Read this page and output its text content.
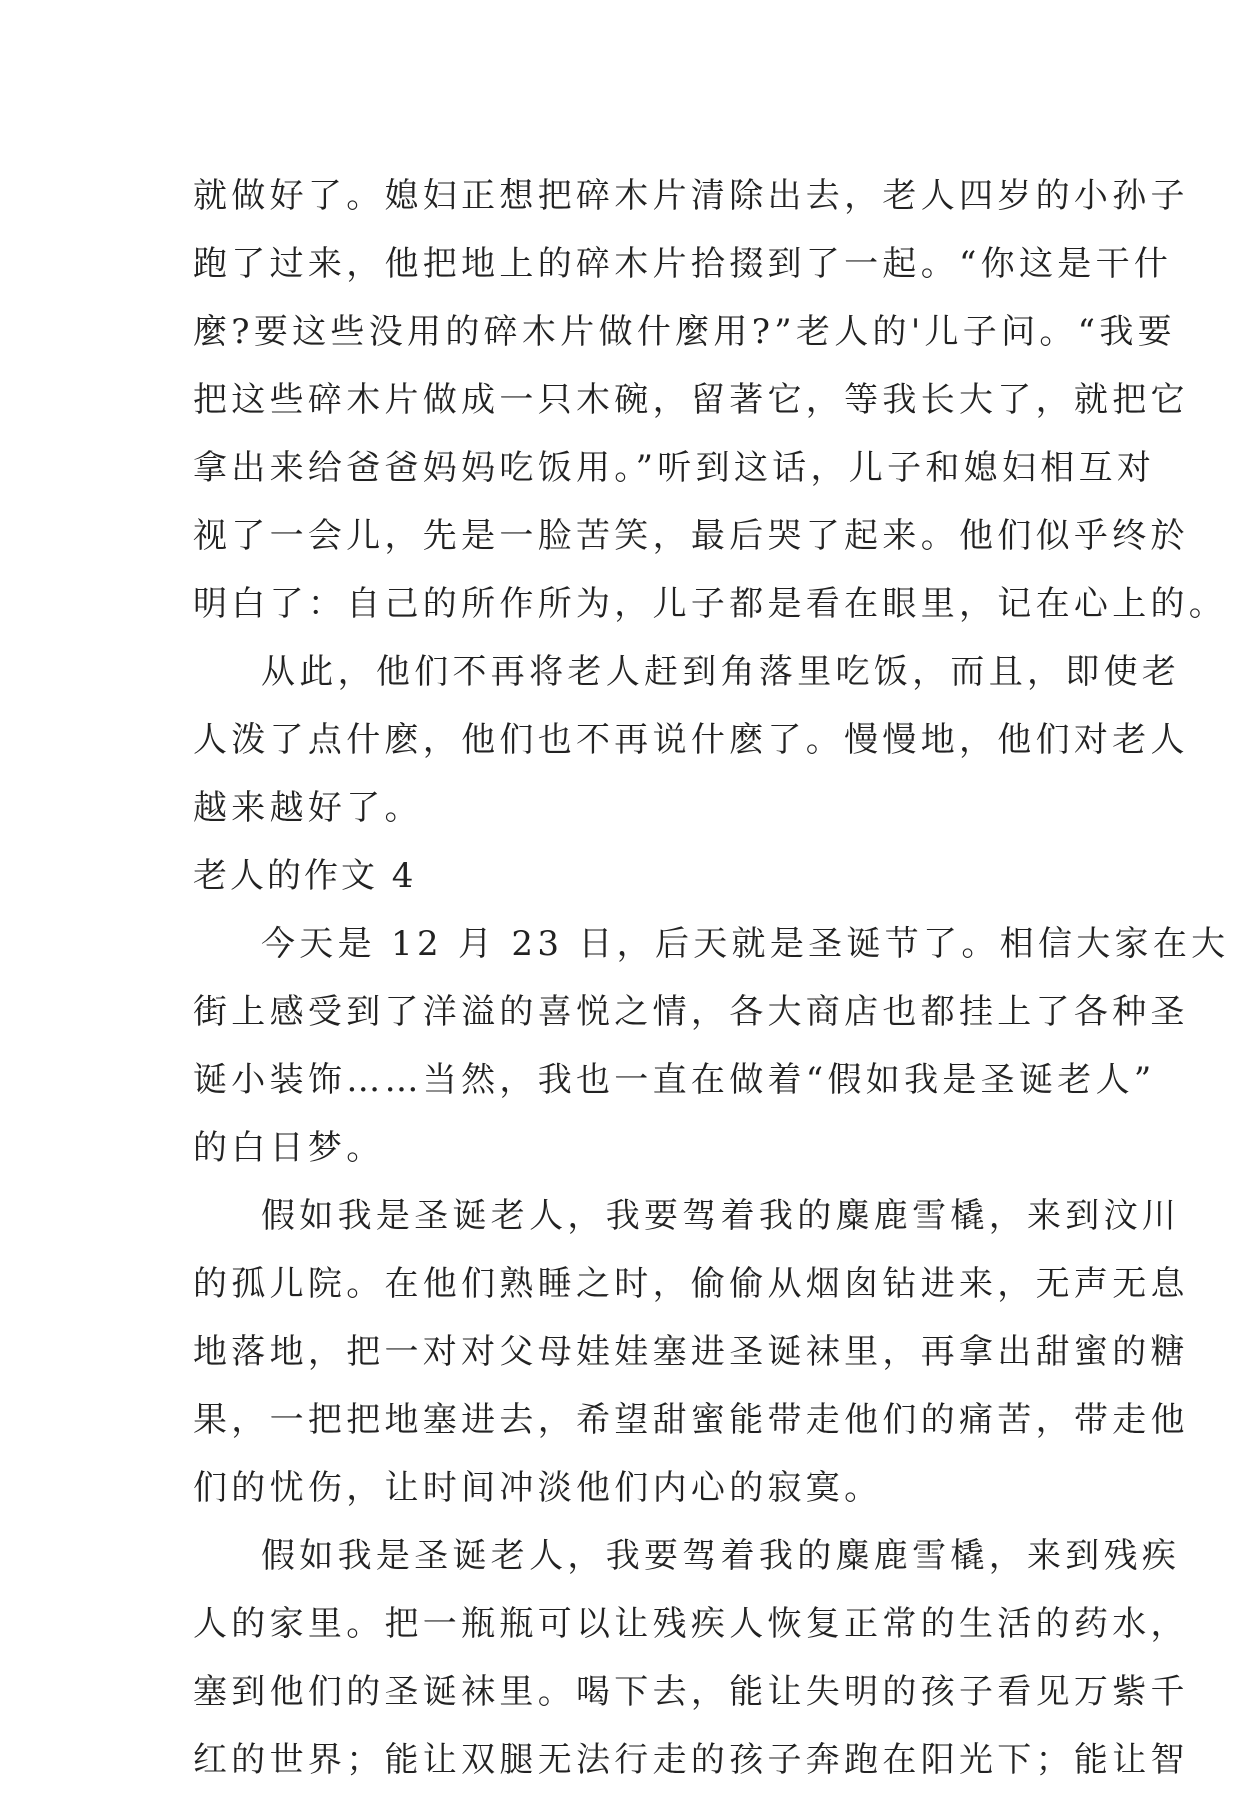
就做好了。媳妇正想把碎木片清除出去，老人四岁的小孙子
跑了过来，他把地上的碎木片拾掇到了一起。“你这是干什
麼?要这些没用的碎木片做什麼用?”老人的'儿子问。“我要
把这些碎木片做成一只木碗，留著它，等我长大了，就把它
拿出来给爸爸妈妈吃饭用。”听到这话，儿子和媳妇相互对
视了一会儿，先是一脸苦笑，最后哭了起来。他们似乎终於
明白了：自己的所作所为，儿子都是看在眼里，记在心上的。
从此，他们不再将老人赶到角落里吃饭，而且，即使老
人泼了点什麽，他们也不再说什麽了。慢慢地，他们对老人
越来越好了。
老人的作文 4
今天是 12 月 23 日，后天就是圣诞节了。相信大家在大
街上感受到了洋溢的喜悦之情，各大商店也都挂上了各种圣
诞小装饰……当然，我也一直在做着“假如我是圣诞老人”
的白日梦。
假如我是圣诞老人，我要驾着我的麋鹿雪橇，来到汶川
的孤儿院。在他们熟睡之时，偷偷从烟囱钻进来，无声无息
地落地，把一对对父母娃娃塞进圣诞袜里，再拿出甜蜜的糖
果，一把把地塞进去，希望甜蜜能带走他们的痛苦，带走他
们的忧伤，让时间冲淡他们内心的寂寞。
假如我是圣诞老人，我要驾着我的麋鹿雪橇，来到残疾
人的家里。把一瓶瓶可以让残疾人恢复正常的生活的药水，
塞到他们的圣诞袜里。喝下去，能让失明的孩子看见万紫千
红的世界；能让双腿无法行走的孩子奔跑在阳光下；能让智
